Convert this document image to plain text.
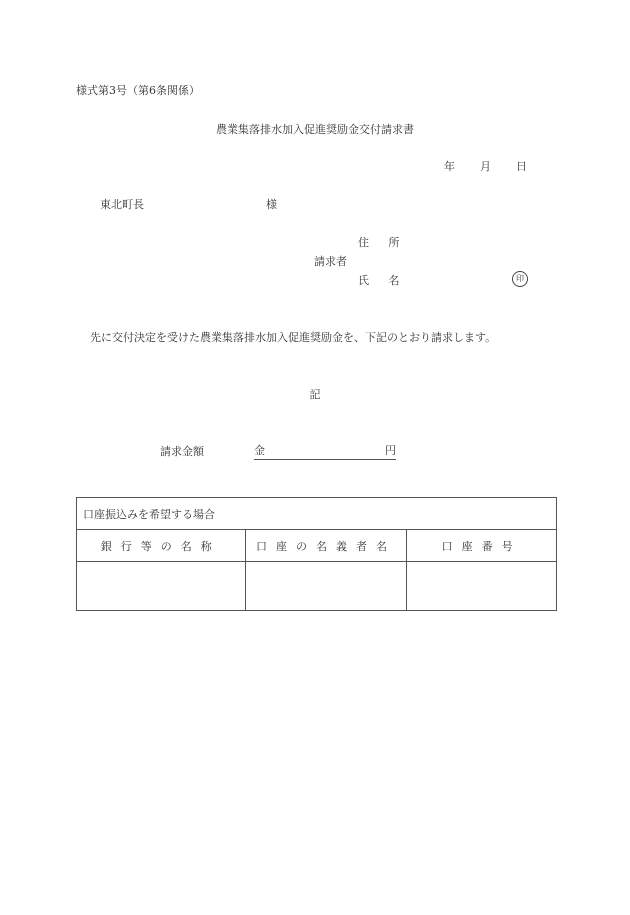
様式第3号（第6条関係）
農業集落排水加入促進奨励金交付請求書
年 月 日
東北町長	様
住 所
請求者
氏 名	印
先に交付決定を受けた農業集落排水加入促進奨励金を、下記のとおり請求します。
記
請求金額	金	円
口座振込みを希望する場合		
銀行等の名称	口座の名義者名	口座番号
